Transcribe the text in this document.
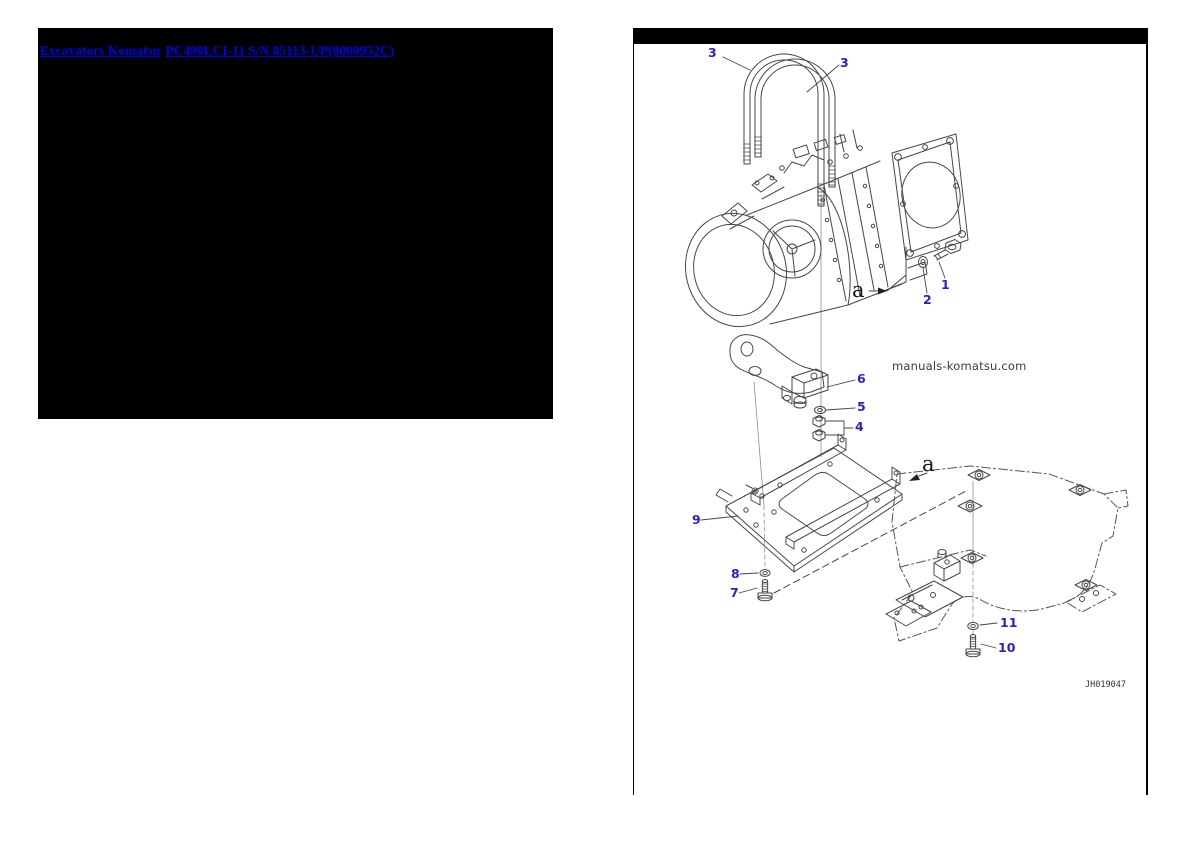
Excavators Komatsu PC490LCI-11 S/N 85113-UP(0000952C)	3
3
1
2
6
5
4
9
8
7
11
10
a
a
manuals-komatsu.com
JH019047
